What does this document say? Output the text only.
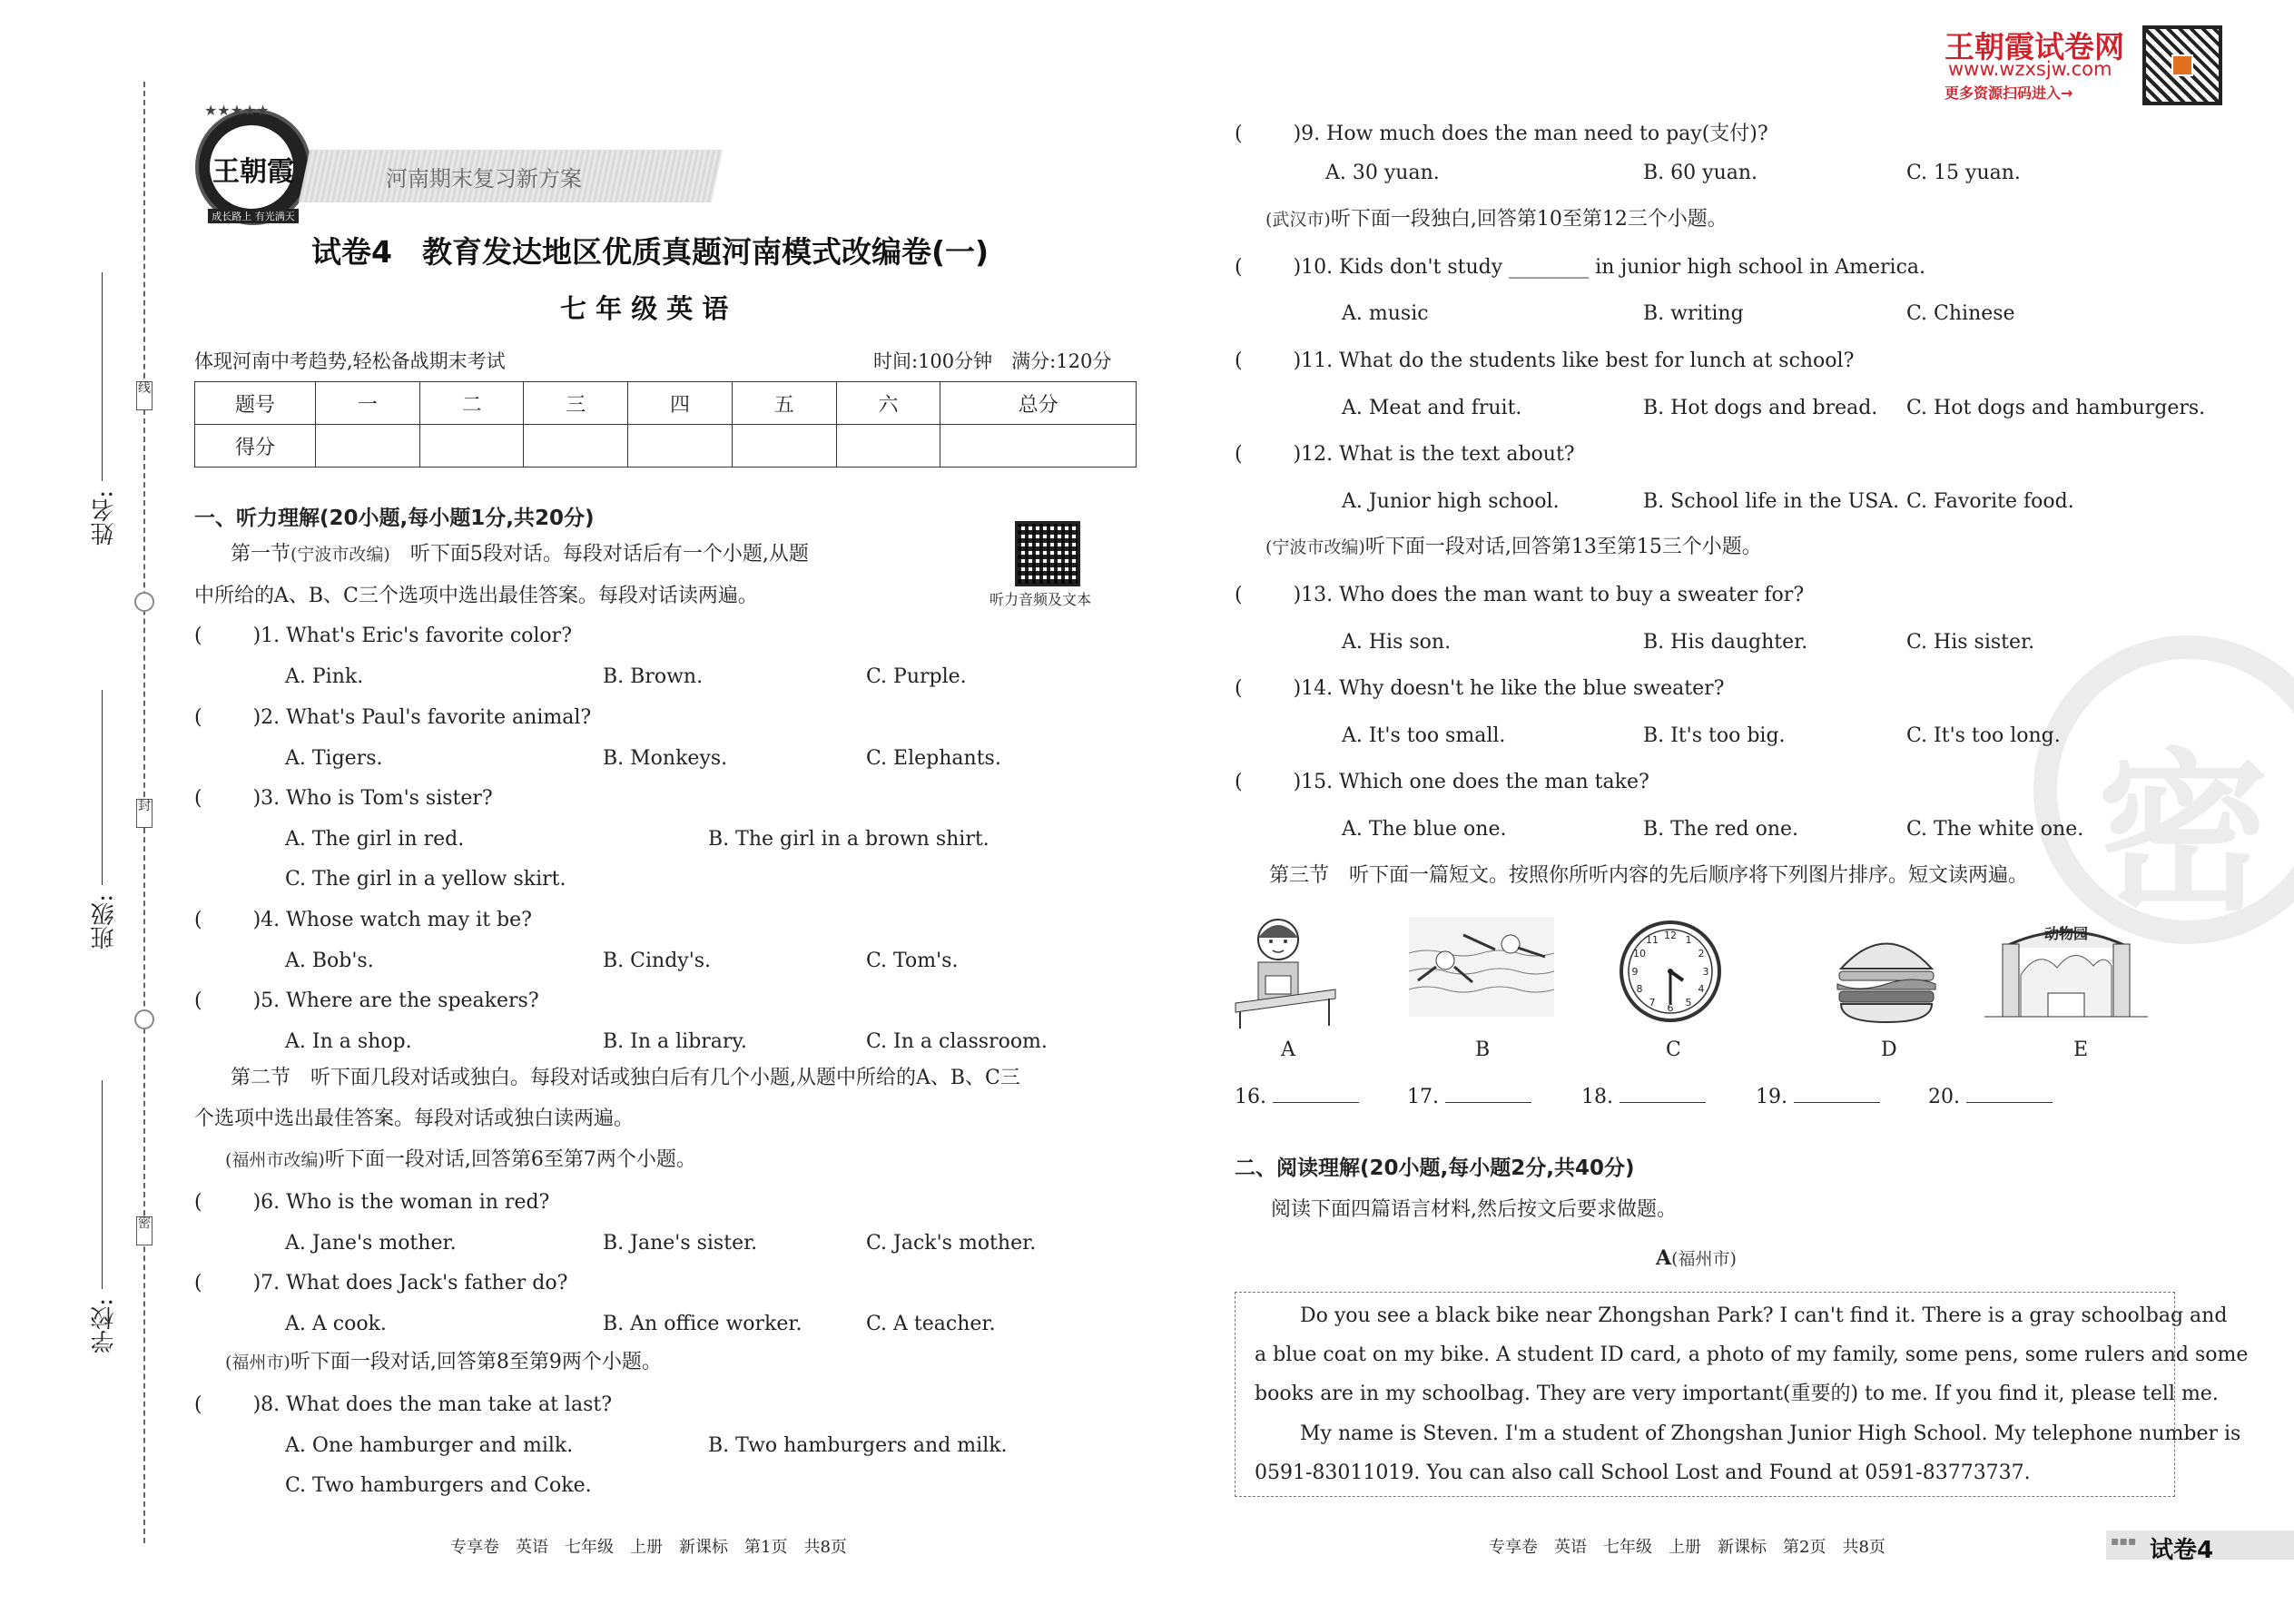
线
封
密
姓名:
班级:
学校:
王朝霞
成长路上 有光满天
★★★★★
河南期末复习新方案
试卷4　教育发达地区优质真题河南模式改编卷(一)
七 年 级 英 语
体现河南中考趋势,轻松备战期末考试	时间:100分钟　满分:120分
题号	一	二	三	四	五	六	总分
得分							
一、听力理解(20小题,每小题1分,共20分)
听力音频及文本
第一节(宁波市改编)　听下面5段对话。每段对话后有一个小题,从题
中所给的A、B、C三个选项中选出最佳答案。每段对话读两遍。
(	)1. What's Eric's favorite color?
A. Pink.	B. Brown.	C. Purple.
(	)2. What's Paul's favorite animal?
A. Tigers.	B. Monkeys.	C. Elephants.
(	)3. Who is Tom's sister?
A. The girl in red.	B. The girl in a brown shirt.
C. The girl in a yellow skirt.
(	)4. Whose watch may it be?
A. Bob's.	B. Cindy's.	C. Tom's.
(	)5. Where are the speakers?
A. In a shop.	B. In a library.	C. In a classroom.
第二节　听下面几段对话或独白。每段对话或独白后有几个小题,从题中所给的A、B、C三
个选项中选出最佳答案。每段对话或独白读两遍。
(福州市改编)听下面一段对话,回答第6至第7两个小题。
(	)6. Who is the woman in red?
A. Jane's mother.	B. Jane's sister.	C. Jack's mother.
(	)7. What does Jack's father do?
A. A cook.	B. An office worker.	C. A teacher.
(福州市)听下面一段对话,回答第8至第9两个小题。
(	)8. What does the man take at last?
A. One hamburger and milk.	B. Two hamburgers and milk.
C. Two hamburgers and Coke.
专享卷　英语　七年级　上册　新课标　第1页　共8页
王朝霞试卷网
www.wzxsjw.com
更多资源扫码进入→
密
(	)9. How much does the man need to pay(支付)?
A. 30 yuan.	B. 60 yuan.	C. 15 yuan.
(武汉市)听下面一段独白,回答第10至第12三个小题。
(	)10. Kids don't study ________ in junior high school in America.
A. music	B. writing	C. Chinese
(	)11. What do the students like best for lunch at school?
A. Meat and fruit.	B. Hot dogs and bread. C. Hot dogs and hamburgers.
(	)12. What is the text about?
A. Junior high school.	B. School life in the USA. C. Favorite food.
(宁波市改编)听下面一段对话,回答第13至第15三个小题。
(	)13. Who does the man want to buy a sweater for?
A. His son.	B. His daughter.	C. His sister.
(	)14. Why doesn't he like the blue sweater?
A. It's too small.	B. It's too big.	C. It's too long.
(	)15. Which one does the man take?
A. The blue one.	B. The red one.	C. The white one.
第三节　听下面一篇短文。按照你所听内容的先后顺序将下列图片排序。短文读两遍。
12 1
2
3
4
5
6
7
8
9
10
11	动物园
A	B	C	D	E
16.	17.	18.	19.	20.
二、阅读理解(20小题,每小题2分,共40分)
阅读下面四篇语言材料,然后按文后要求做题。
A(福州市)
Do you see a black bike near Zhongshan Park? I can't find it. There is a gray schoolbag and
a blue coat on my bike. A student ID card, a photo of my family, some pens, some rulers and some
books are in my schoolbag. They are very important(重要的) to me. If you find it, please tell me.
My name is Steven. I'm a student of Zhongshan Junior High School. My telephone number is
0591-83011019. You can also call School Lost and Found at 0591-83773737.
专享卷　英语　七年级　上册　新课标　第2页　共8页	▪▪▪ 试卷4
